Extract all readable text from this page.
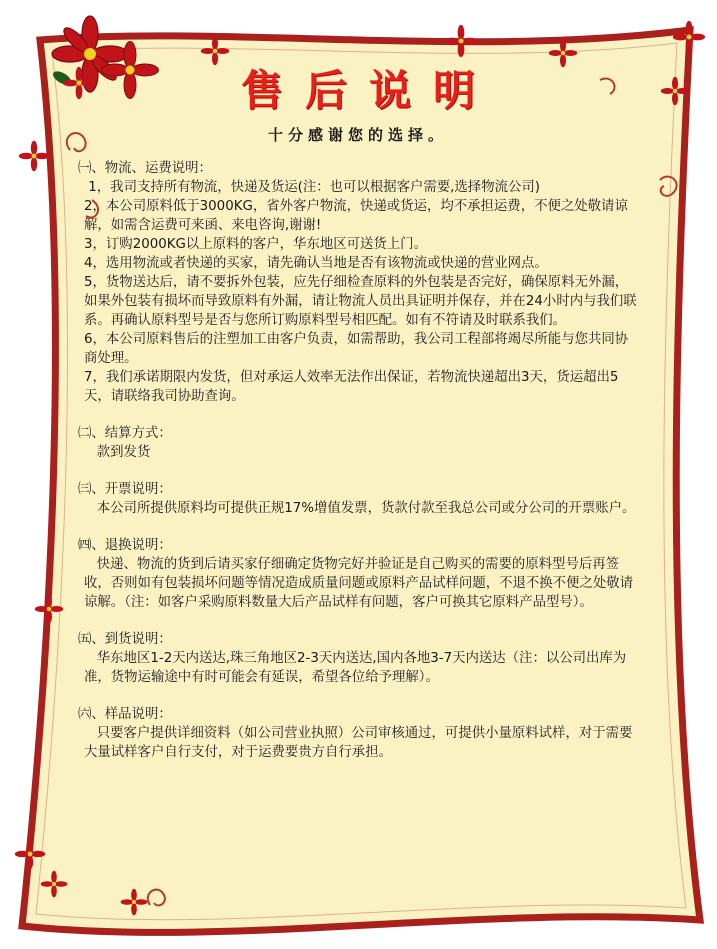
售后说明
十分感谢您的选择。

㈠、物流、运费说明：

1，我司支持所有物流，快递及货运(注：也可以根据客户需要,选择物流公司)

2，本公司原料低于3000KG，省外客户物流，快递或货运，均不承担运费，不便之处敬请谅解，如需含运费可来函、来电咨询,谢谢!

3，订购2000KG以上原料的客户，华东地区可送货上门。

4，选用物流或者快递的买家，请先确认当地是否有该物流或快递的营业网点。

5，货物送达后，请不要拆外包装，应先仔细检查原料的外包装是否完好，确保原料无外漏，如果外包装有损坏而导致原料有外漏，请让物流人员出具证明并保存，并在24小时内与我们联系。再确认原料型号是否与您所订购原料型号相匹配。如有不符请及时联系我们。

6，本公司原料售后的注塑加工由客户负责，如需帮助，我公司工程部将竭尽所能与您共同协商处理。

7，我们承诺期限内发货，但对承运人效率无法作出保证，若物流快递超出3天，货运超出5天，请联络我司协助查询。

㈡、结算方式：

款到发货

㈢、开票说明：

本公司所提供原料均可提供正规17%增值发票，货款付款至我总公司或分公司的开票账户。

㈣、退换说明：

快递、物流的货到后请买家仔细确定货物完好并验证是自己购买的需要的原料型号后再签收，否则如有包装损坏问题等情况造成质量问题或原料产品试样问题，不退不换不便之处敬请谅解。（注：如客户采购原料数量大后产品试样有问题，客户可换其它原料产品型号）。

㈤、到货说明：

华东地区1-2天内送达,珠三角地区2-3天内送达,国内各地3-7天内送达（注：以公司出库为准，货物运输途中有时可能会有延误，希望各位给予理解）。

㈥、样品说明：

只要客户提供详细资料（如公司营业执照）公司审核通过，可提供小量原料试样，对于需要大量试样客户自行支付，对于运费要贵方自行承担。
